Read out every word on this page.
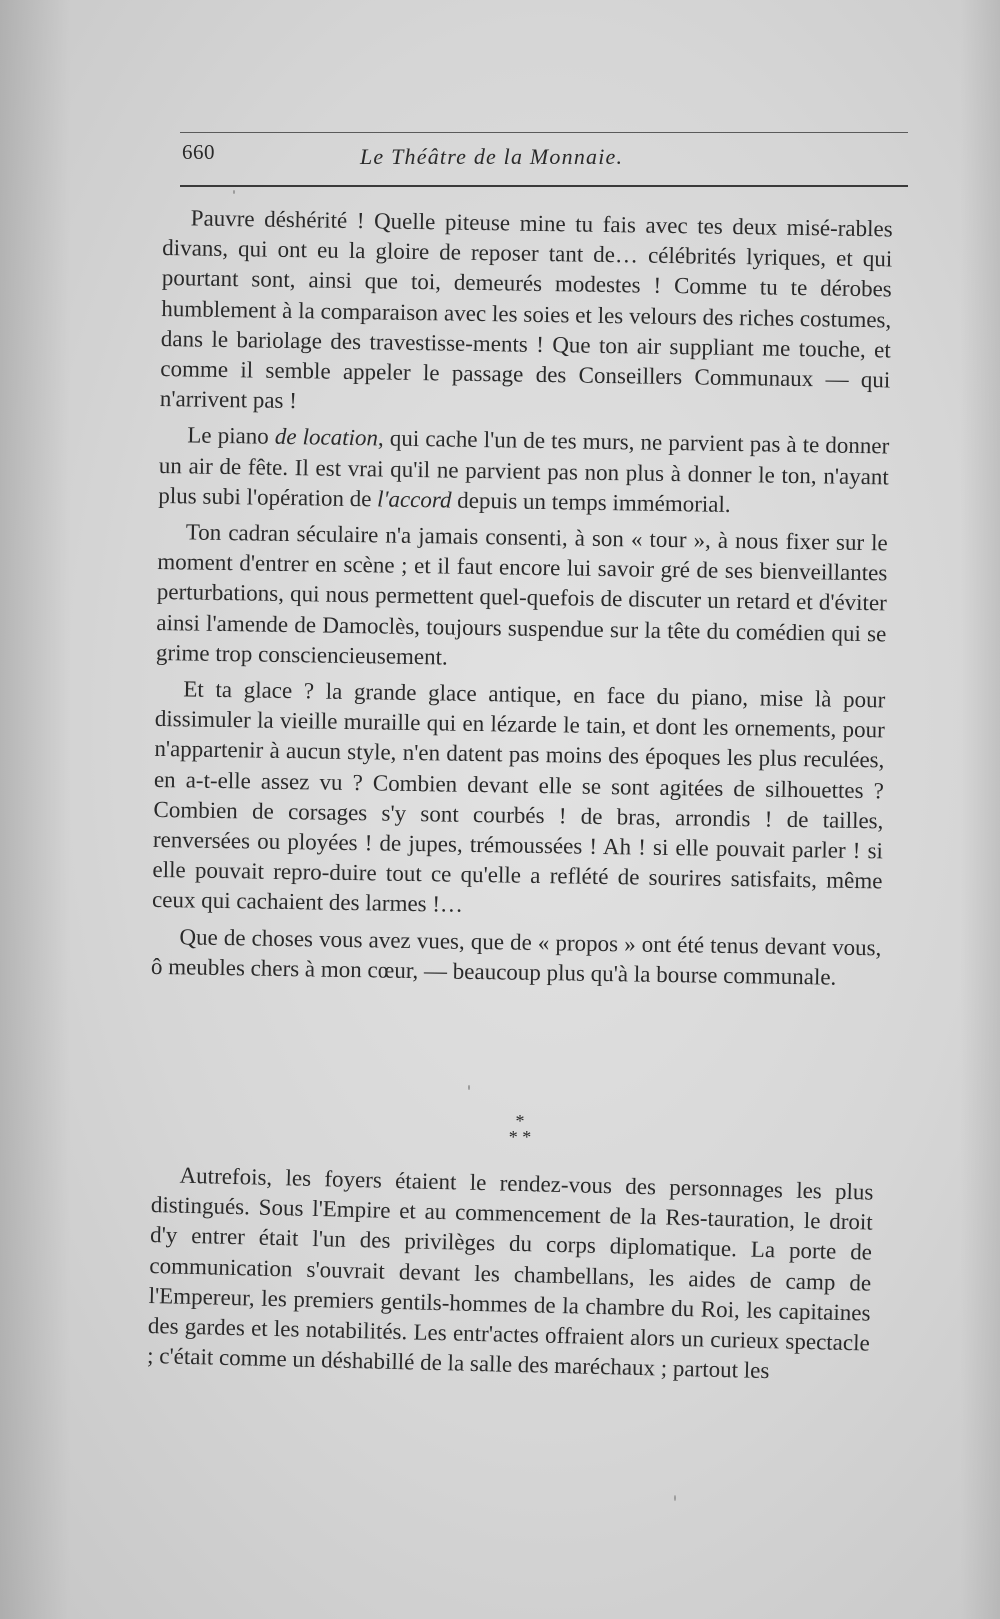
660	Le Théâtre de la Monnaie.

Pauvre déshérité ! Quelle piteuse mine tu fais avec tes deux misé-rables divans, qui ont eu la gloire de reposer tant de… célébrités lyriques, et qui pourtant sont, ainsi que toi, demeurés modestes ! Comme tu te dérobes humblement à la comparaison avec les soies et les velours des riches costumes, dans le bariolage des travestisse-ments ! Que ton air suppliant me touche, et comme il semble appeler le passage des Conseillers Communaux — qui n'arrivent pas !

Le piano de location, qui cache l'un de tes murs, ne parvient pas à te donner un air de fête. Il est vrai qu'il ne parvient pas non plus à donner le ton, n'ayant plus subi l'opération de l'accord depuis un temps immémorial.

Ton cadran séculaire n'a jamais consenti, à son « tour », à nous fixer sur le moment d'entrer en scène ; et il faut encore lui savoir gré de ses bienveillantes perturbations, qui nous permettent quel-quefois de discuter un retard et d'éviter ainsi l'amende de Damoclès, toujours suspendue sur la tête du comédien qui se grime trop consciencieusement.

Et ta glace ? la grande glace antique, en face du piano, mise là pour dissimuler la vieille muraille qui en lézarde le tain, et dont les ornements, pour n'appartenir à aucun style, n'en datent pas moins des époques les plus reculées, en a-t-elle assez vu ? Combien devant elle se sont agitées de silhouettes ? Combien de corsages s'y sont courbés ! de bras, arrondis ! de tailles, renversées ou ployées ! de jupes, trémoussées ! Ah ! si elle pouvait parler ! si elle pouvait repro-duire tout ce qu'elle a reflété de sourires satisfaits, même ceux qui cachaient des larmes !…

Que de choses vous avez vues, que de « propos » ont été tenus devant vous, ô meubles chers à mon cœur, — beaucoup plus qu'à la bourse communale.

*
* *

Autrefois, les foyers étaient le rendez-vous des personnages les plus distingués. Sous l'Empire et au commencement de la Res-tauration, le droit d'y entrer était l'un des privilèges du corps diplomatique. La porte de communication s'ouvrait devant les chambellans, les aides de camp de l'Empereur, les premiers gentils-hommes de la chambre du Roi, les capitaines des gardes et les notabilités. Les entr'actes offraient alors un curieux spectacle ; c'était comme un déshabillé de la salle des maréchaux ; partout les
